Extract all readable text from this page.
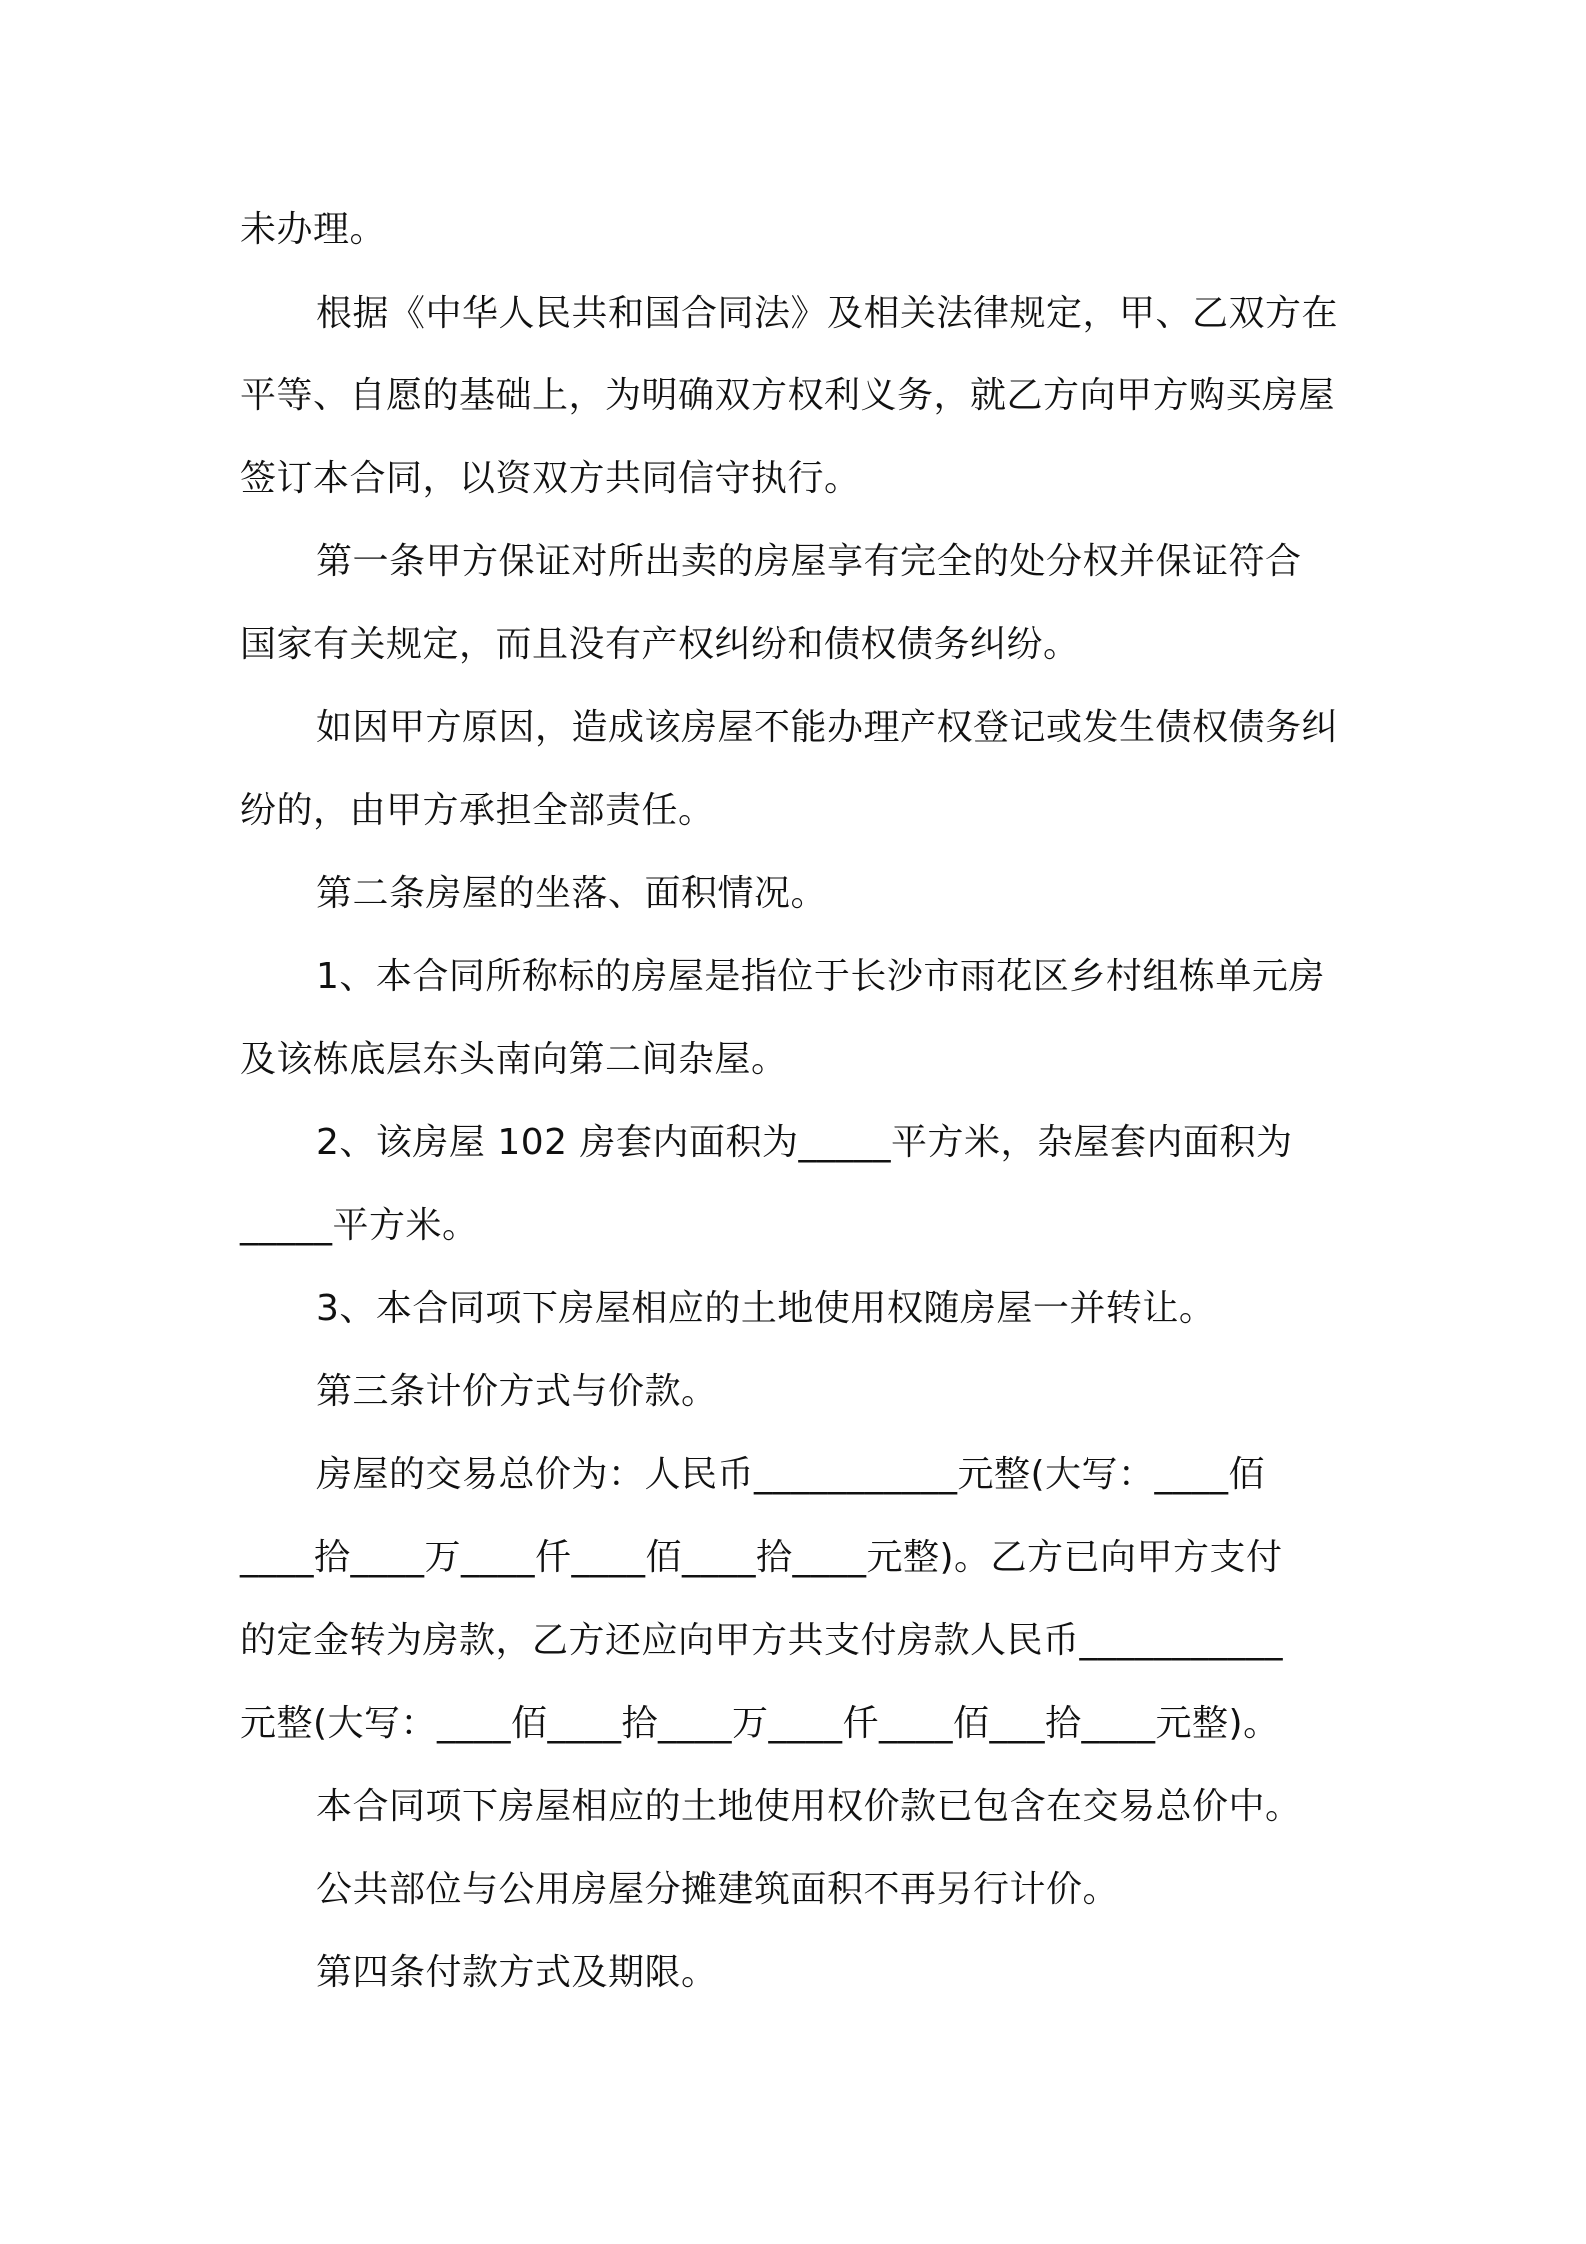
未办理。
根据《中华人民共和国合同法》及相关法律规定，甲、乙双方在
平等、自愿的基础上，为明确双方权利义务，就乙方向甲方购买房屋
签订本合同，以资双方共同信守执行。
第一条甲方保证对所出卖的房屋享有完全的处分权并保证符合
国家有关规定，而且没有产权纠纷和债权债务纠纷。
如因甲方原因，造成该房屋不能办理产权登记或发生债权债务纠
纷的，由甲方承担全部责任。
第二条房屋的坐落、面积情况。
1、本合同所称标的房屋是指位于长沙市雨花区乡村组栋单元房
及该栋底层东头南向第二间杂屋。
2、该房屋 102 房套内面积为_____平方米，杂屋套内面积为
_____平方米。
3、本合同项下房屋相应的土地使用权随房屋一并转让。
第三条计价方式与价款。
房屋的交易总价为：人民币___________元整(大写：____佰
____拾____万____仟____佰____拾____元整)。乙方已向甲方支付
的定金转为房款，乙方还应向甲方共支付房款人民币___________
元整(大写：____佰____拾____万____仟____佰___拾____元整)。
本合同项下房屋相应的土地使用权价款已包含在交易总价中。
公共部位与公用房屋分摊建筑面积不再另行计价。
第四条付款方式及期限。
